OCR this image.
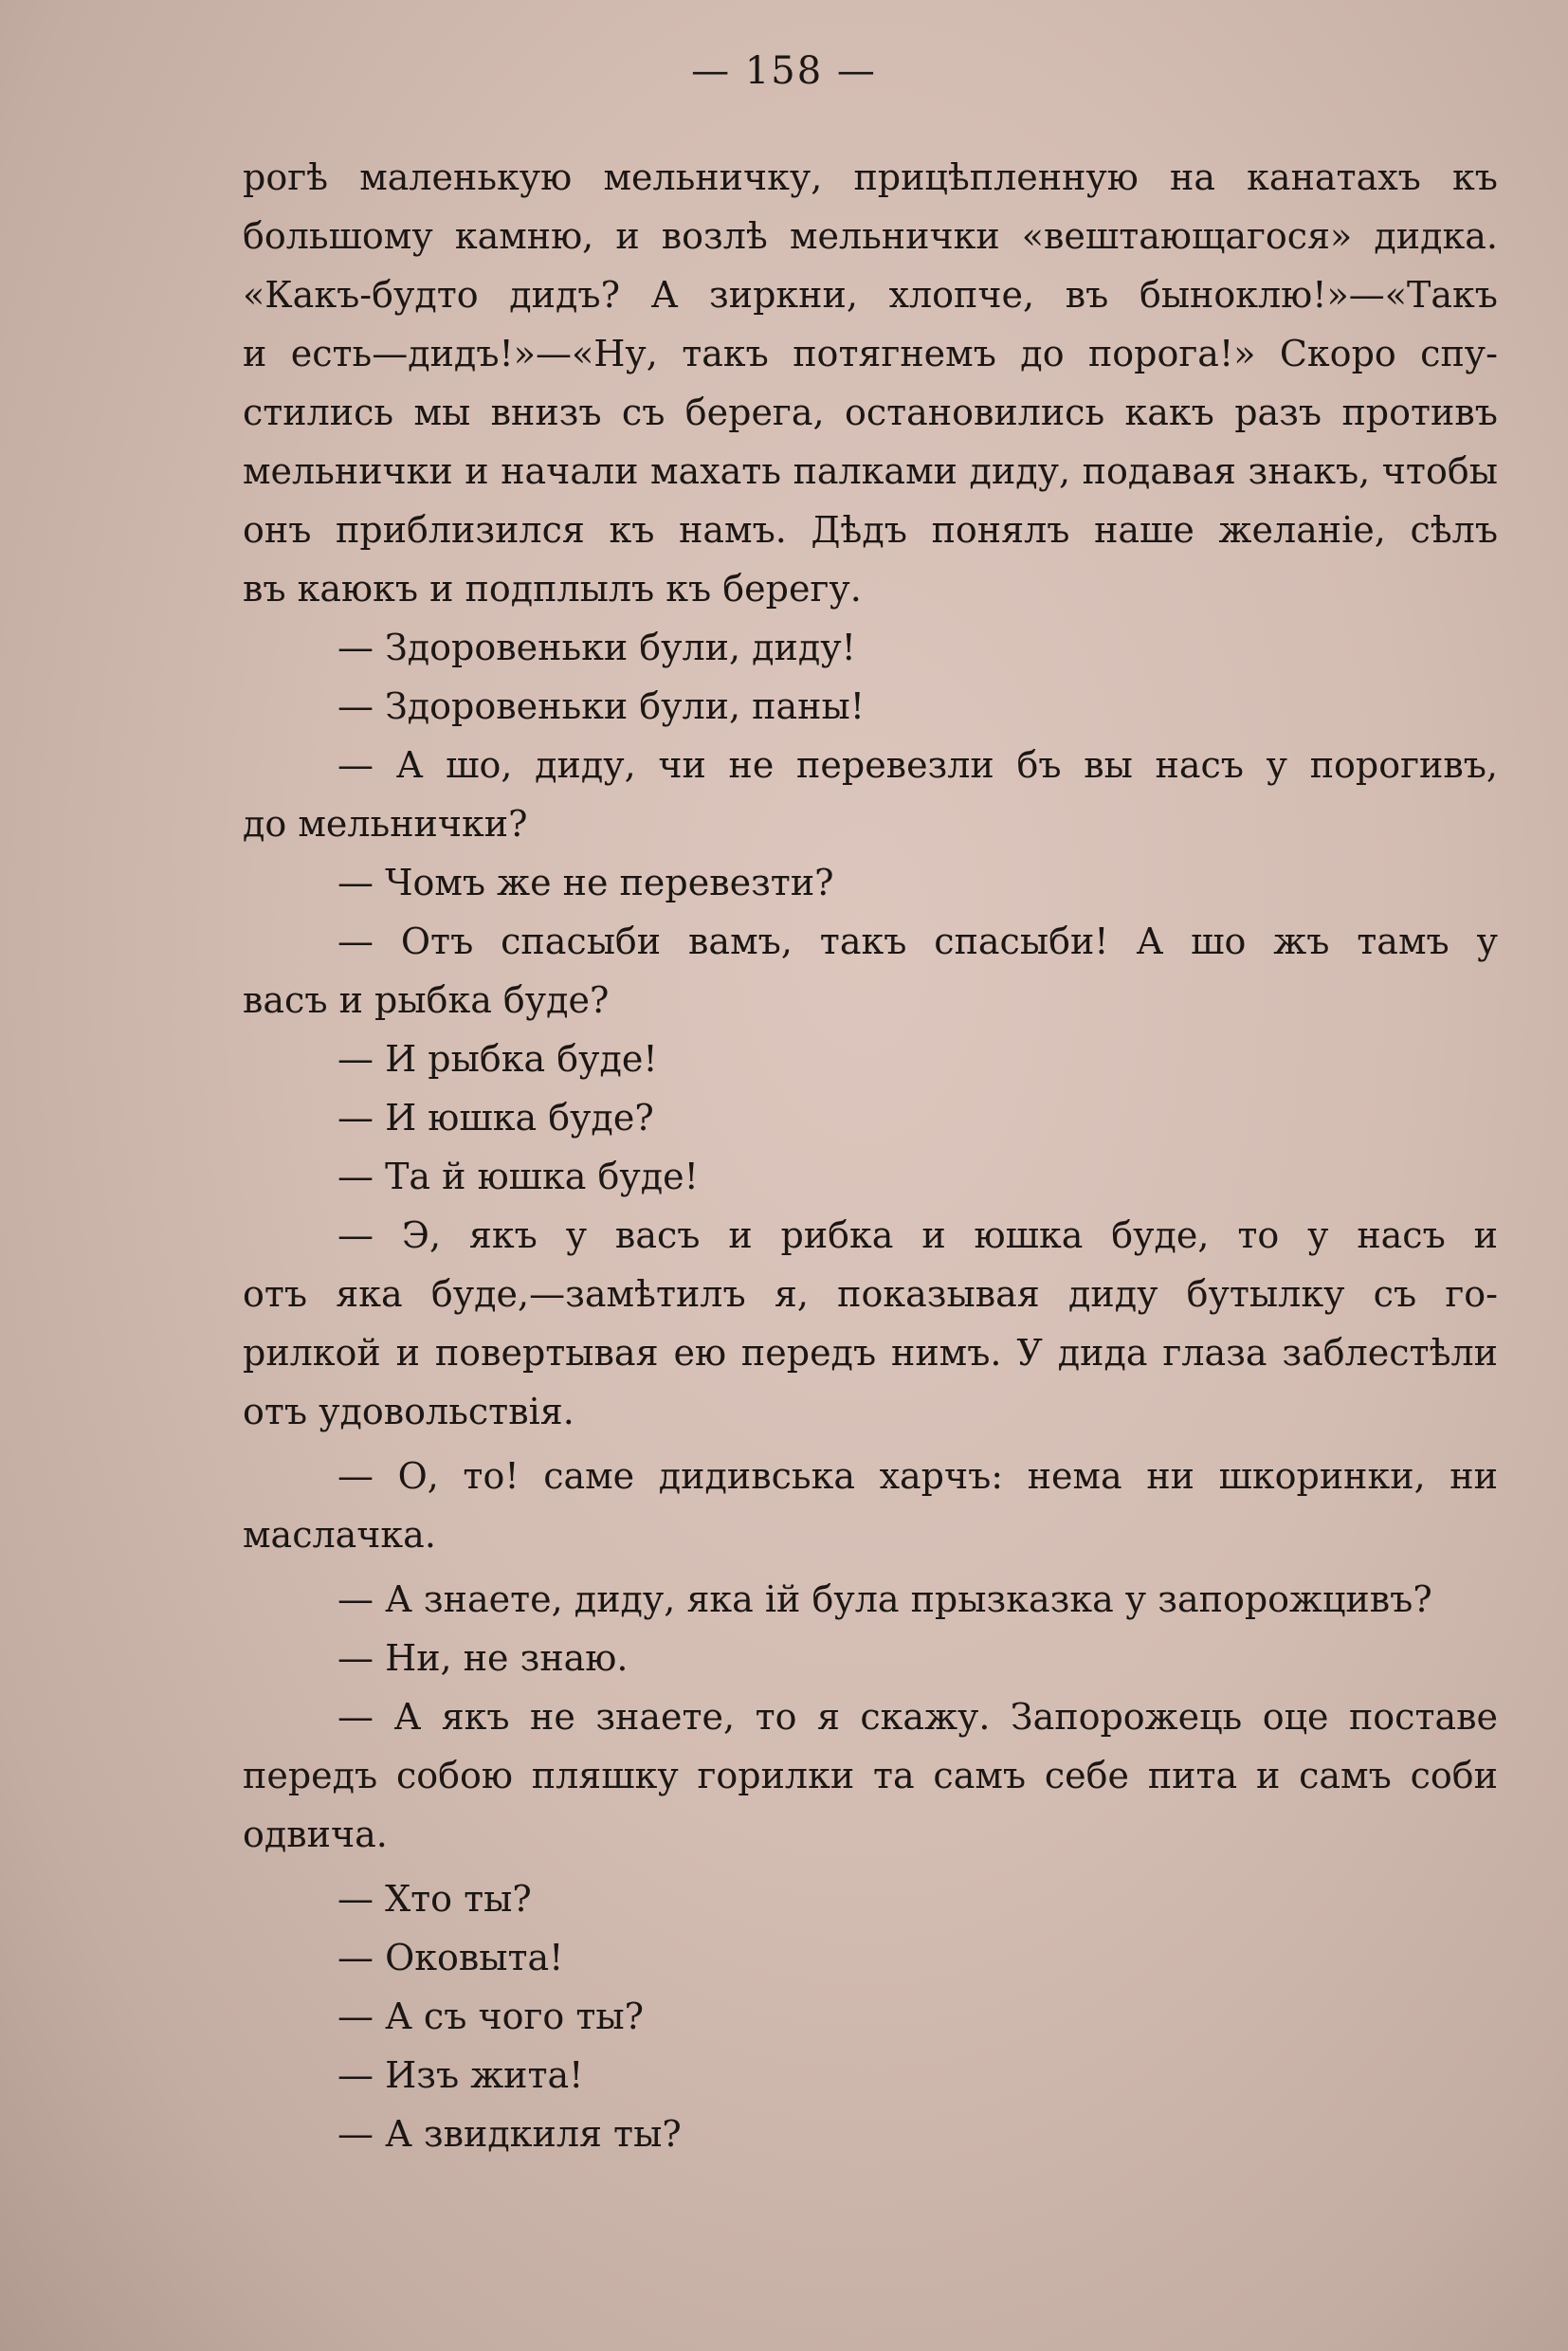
— 158 —
рогѣ маленькую мельничку, прицѣпленную на канатахъ къ
большому камню, и возлѣ мельнички «вештающагося» дидка.
«Какъ-будто дидъ? А зиркни, хлопче, въ быноклю!»—«Такъ
и есть—дидъ!»—«Ну, такъ потягнемъ до порога!» Скоро спу-
стились мы внизъ съ берега, остановились какъ разъ противъ
мельнички и начали махать палками диду, подавая знакъ, чтобы
онъ приблизился къ намъ. Дѣдъ понялъ наше желаніе, сѣлъ
въ каюкъ и подплылъ къ берегу.
— Здоровеньки були, диду!
— Здоровеньки були, паны!
— А шо, диду, чи не перевезли бъ вы насъ у порогивъ,
до мельнички?
— Чомъ же не перевезти?
— Отъ спасыби вамъ, такъ спасыби! А шо жъ тамъ у
васъ и рыбка буде?
— И рыбка буде!
— И юшка буде?
— Та й юшка буде!
— Э, якъ у васъ и рибка и юшка буде, то у насъ и
отъ яка буде,—замѣтилъ я, показывая диду бутылку съ го-
рилкой и повертывая ею передъ нимъ. У дида глаза заблестѣли
отъ удовольствія.
— О, то! саме дидивська харчъ: нема ни шкоринки, ни
маслачка.
— А знаете, диду, яка ій була прызказка у запорожцивъ?
— Ни, не знаю.
— А якъ не знаете, то я скажу. Запорожець оце поставе
передъ собою пляшку горилки та самъ себе пита и самъ соби
одвича.
— Хто ты?
— Оковыта!
— А съ чого ты?
— Изъ жита!
— А звидкиля ты?
